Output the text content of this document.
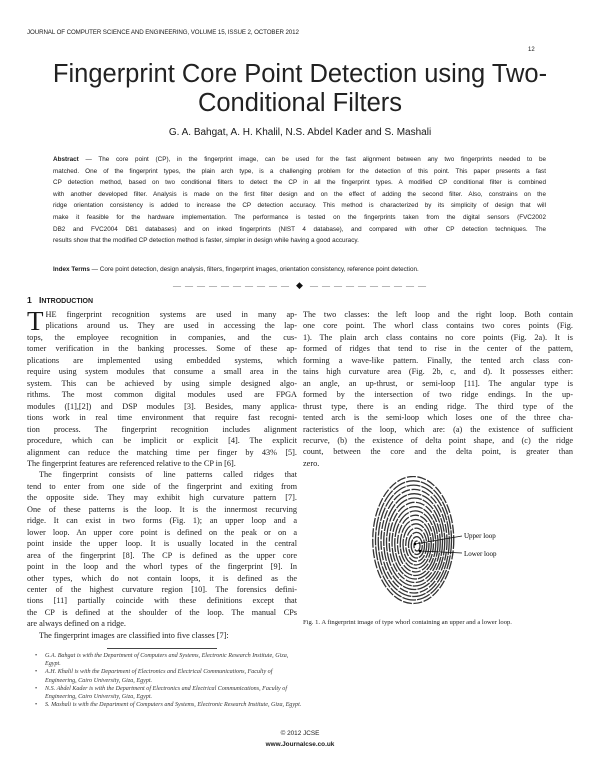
JOURNAL OF COMPUTER SCIENCE AND ENGINEERING, VOLUME 15, ISSUE 2, OCTOBER 2012
12
Fingerprint Core Point Detection using Two-
Conditional Filters
G. A. Bahgat, A. H. Khalil, N.S. Abdel Kader and S. Mashali
Abstract — The core point (CP), in the fingerprint image, can be used for the fast alignment between any two fingerprints needed to be
matched. One of the fingerprint types, the plain arch type, is a challenging problem for the detection of this point. This paper presents a fast
CP detection method, based on two conditional filters to detect the CP in all the fingerprint types. A modified CP conditional filter is combined
with another developed filter. Analysis is made on the first filter design and on the effect of adding the second filter. Also, constrains on the
ridge orientation consistency is added to increase the CP detection accuracy. This method is characterized by its simplicity of design that will
make it feasible for the hardware implementation. The performance is tested on the fingerprints taken from the digital sensors (FVC2002
DB2 and FVC2004 DB1 databases) and on inked fingerprints (NIST 4 database), and compared with other CP detection techniques. The
results show that the modified CP detection method is faster, simpler in design while having a good accuracy.
Index Terms — Core point detection, design analysis, filters, fingerprint images, orientation consistency, reference point detection.
— — — — — — — — — — ◆ — — — — — — — — — —
1 INTRODUCTION
T HE fingerprint recognition systems are used in many ap-
plications around us. They are used in accessing the lap-
tops, the employee recognition in companies, and the cus-
tomer verification in the banking processes. Some of these ap-
plications are implemented using embedded systems, which
require using system modules that consume a small area in the
system. This can be achieved by using simple designed algo-
rithms. The most common digital modules used are FPGA
modules ([1],[2]) and DSP modules [3]. Besides, many applica-
tions work in real time environment that require fast recogni-
tion process. The fingerprint recognition includes alignment
procedure, which can be implicit or explicit [4]. The explicit
alignment can reduce the matching time per finger by 43% [5].
The fingerprint features are referenced relative to the CP in [6].
The fingerprint consists of line patterns called ridges that
tend to enter from one side of the fingerprint and exiting from
the opposite side. They may exhibit high curvature pattern [7].
One of these patterns is the loop. It is the innermost recurving
ridge. It can exist in two forms (Fig. 1); an upper loop and a
lower loop. An upper core point is defined on the peak or on a
point inside the upper loop. It is usually located in the central
area of the fingerprint [8]. The CP is defined as the upper core
point in the loop and the whorl types of the fingerprint [9]. In
other types, which do not contain loops, it is defined as the
center of the highest curvature region [10]. The forensics defini-
tions [11] partially coincide with these definitions except that
the CP is defined at the shoulder of the loop. The manual CPs
are always defined on a ridge.
The fingerprint images are classified into five classes [7]:
The two classes: the left loop and the right loop. Both contain
one core point. The whorl class contains two cores points (Fig.
1). The plain arch class contains no core points (Fig. 2a). It is
formed of ridges that tend to rise in the center of the pattern,
forming a wave-like pattern. Finally, the tented arch class con-
tains high curvature area (Fig. 2b, c, and d). It possesses either:
an angle, an up-thrust, or semi-loop [11]. The angular type is
formed by the intersection of two ridge endings. In the up-
thrust type, there is an ending ridge. The third type of the
tented arch is the semi-loop which loses one of the three cha-
racteristics of the loop, which are: (a) the existence of sufficient
recurve, (b) the existence of delta point shape, and (c) the ridge
count, between the core and the delta point, is greater than
zero.
Upper loop
Lower loop
Fig. 1. A fingerprint image of type whorl containing an upper and a lower loop.
• G.A. Bahgat is with the Department of Computers and Systems, Electronic Research Institute, Giza, Egypt.
• A.H. Khalil is with the Department of Electronics and Electrical Communications, Faculty of Engineering, Cairo University, Giza, Egypt.
• N.S. Abdel Kader is with the Department of Electronics and Electrical Communications, Faculty of Engineering, Cairo University, Giza, Egypt.
• S. Mashali is with the Department of Computers and Systems, Electronic Research Institute, Giza, Egypt.
© 2012 JCSE
www.Journalcse.co.uk
